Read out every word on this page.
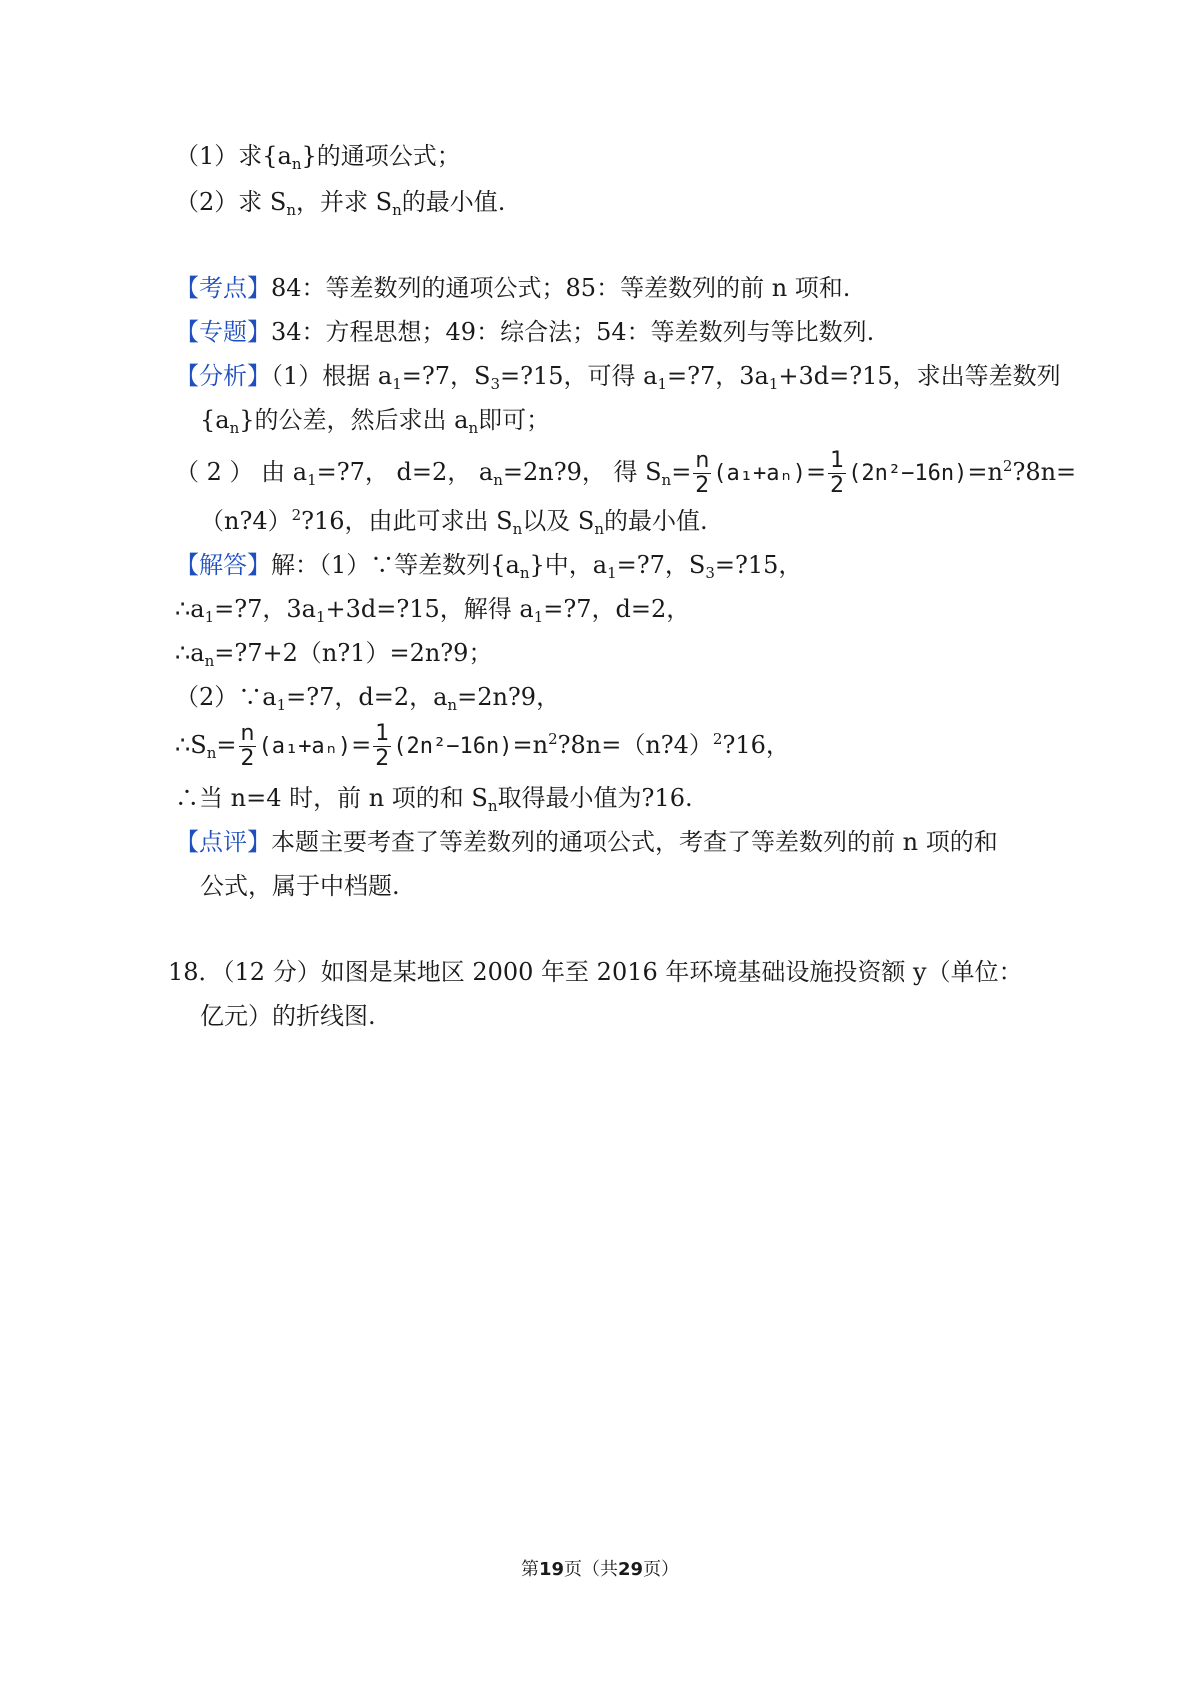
（1）求$\{a_n\}$的通项公式；
（2）求 $S_n$，并求 $S_n$的最小值.
【考点】84：等差数列的通项公式；85：等差数列的前 n 项和.
【专题】34：方程思想；49：综合法；54：等差数列与等比数列.
【分析】（1）根据 $a_1=?7$，$S_3=?15$，可得 $a_1=?7$，$3a_1+3d=?15$，求出等差数列
$\{a_n\}$的公差，然后求出 $a_n$即可；
（ 2 ） 由 $a_1=?7$， d=2， $a_n=2n?9$， 得 $S_n= \frac{n}{2} (a_1+a_n)= \frac{1}{2}$ $(2n^2-16n)=n^2?8n=$
（n?4）$^2$?16，由此可求出 $S_n$以及 $S_n$的最小值.
【解答】解：（1）∵等差数列$\{a_n\}$中，$a_1=?7$，$S_3=?15$，
$\therefore a_1=?7$，$3a_1+3d=?15$，解得 $a_1=?7$，d=2，
$\therefore a_n=?7+2(n?1)=2n?9$；
$(2)\because a_1=?7$，d=2，$a_n=2n?9$，
$\therefore S_n= \frac{n}{2} (a_1+a_n)= \frac{1}{2}$ $(2n^2-16n)=n^2?8n=(n?4)^2?16$，
∴当 n=4 时，前 n 项的和 $S_n$取得最小值为?16.
【点评】本题主要考查了等差数列的通项公式，考查了等差数列的前 n 项的和
公式，属于中档题.
18．（12 分）如图是某地区 2000 年至 2016 年环境基础设施投资额 y（单位：
亿元）的折线图.
第19页（共29页）
